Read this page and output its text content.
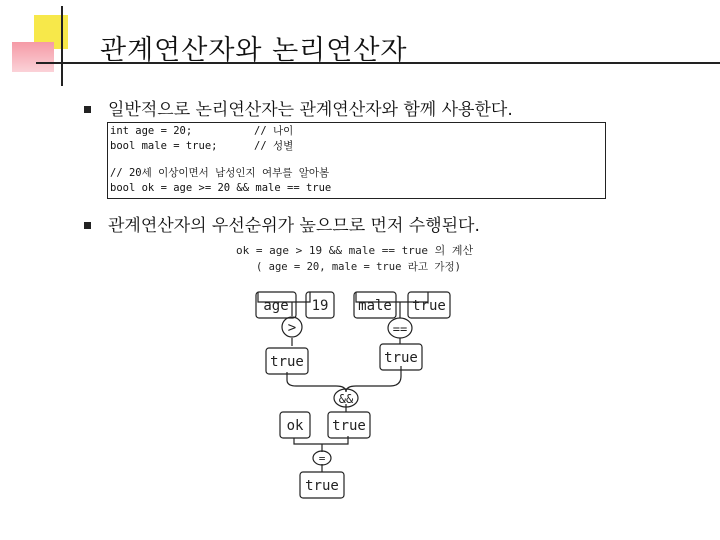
관계연산자와 논리연산자
일반적으로 논리연산자는 관계연산자와 함께 사용한다.
int age = 20;	// 나이
bool male = true;	// 성별
// 20세 이상이면서 남성인지 여부를 알아봄
bool ok = age >= 20 && male == true
관계연산자의 우선순위가 높으므로 먼저 수행된다.
ok = age > 19 && male == true 의 계산
( age = 20, male = true 라고 가정)
age 19 male true
>	==
true
true
&&
ok true
=
true
